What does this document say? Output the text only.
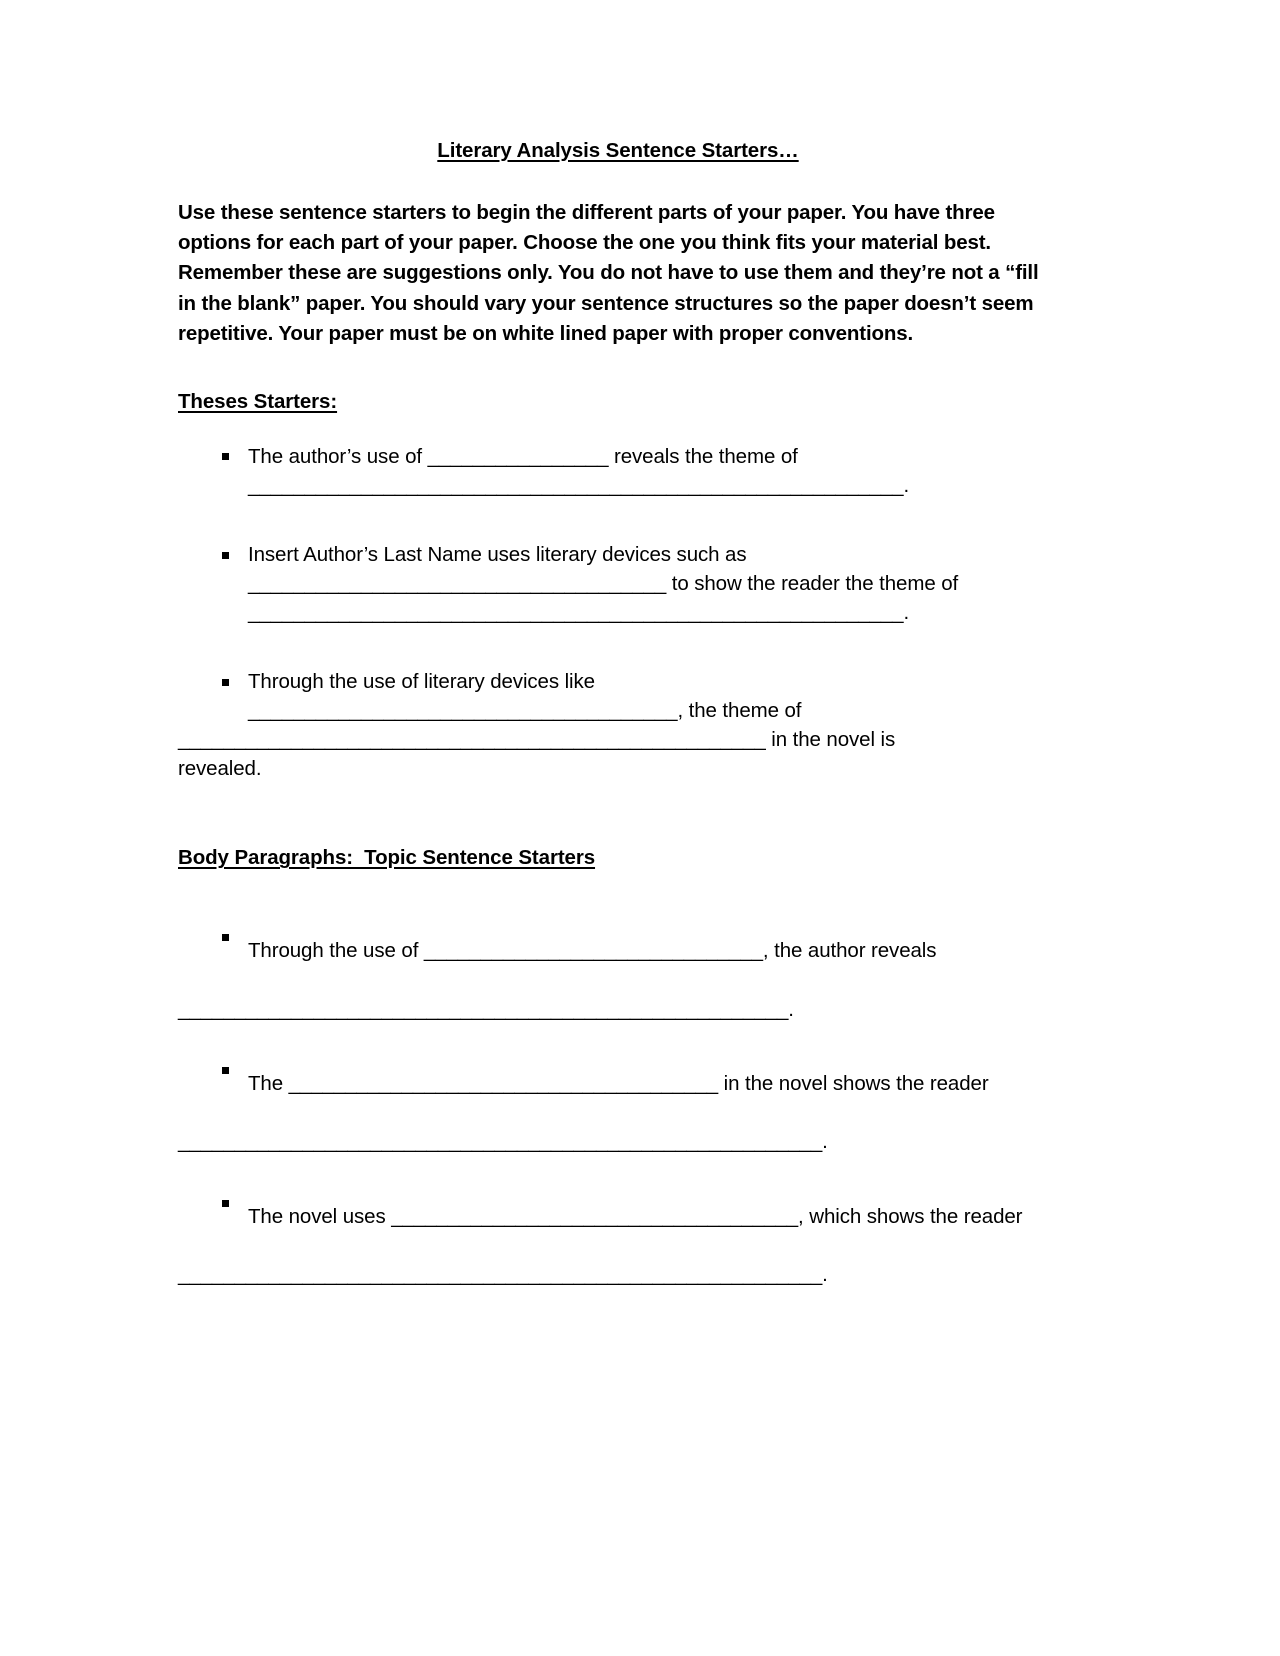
Literary Analysis Sentence Starters…

Use these sentence starters to begin the different parts of your paper. You have three options for each part of your paper. Choose the one you think fits your material best. Remember these are suggestions only. You do not have to use them and they’re not a “fill in the blank” paper. You should vary your sentence structures so the paper doesn’t seem repetitive. Your paper must be on white lined paper with proper conventions.

Theses Starters:
The author’s use of ________________ reveals the theme of __________________________________________________________.
Insert Author’s Last Name uses literary devices such as _____________________________________ to show the reader the theme of __________________________________________________________.
Through the use of literary devices like ______________________________________, the theme of
____________________________________________________ in the novel is
revealed.
Body Paragraphs:  Topic Sentence Starters
Through the use of ______________________________, the author reveals
______________________________________________________.
The ______________________________________ in the novel shows the reader
_________________________________________________________.
The novel uses ____________________________________, which shows the reader
_________________________________________________________.
